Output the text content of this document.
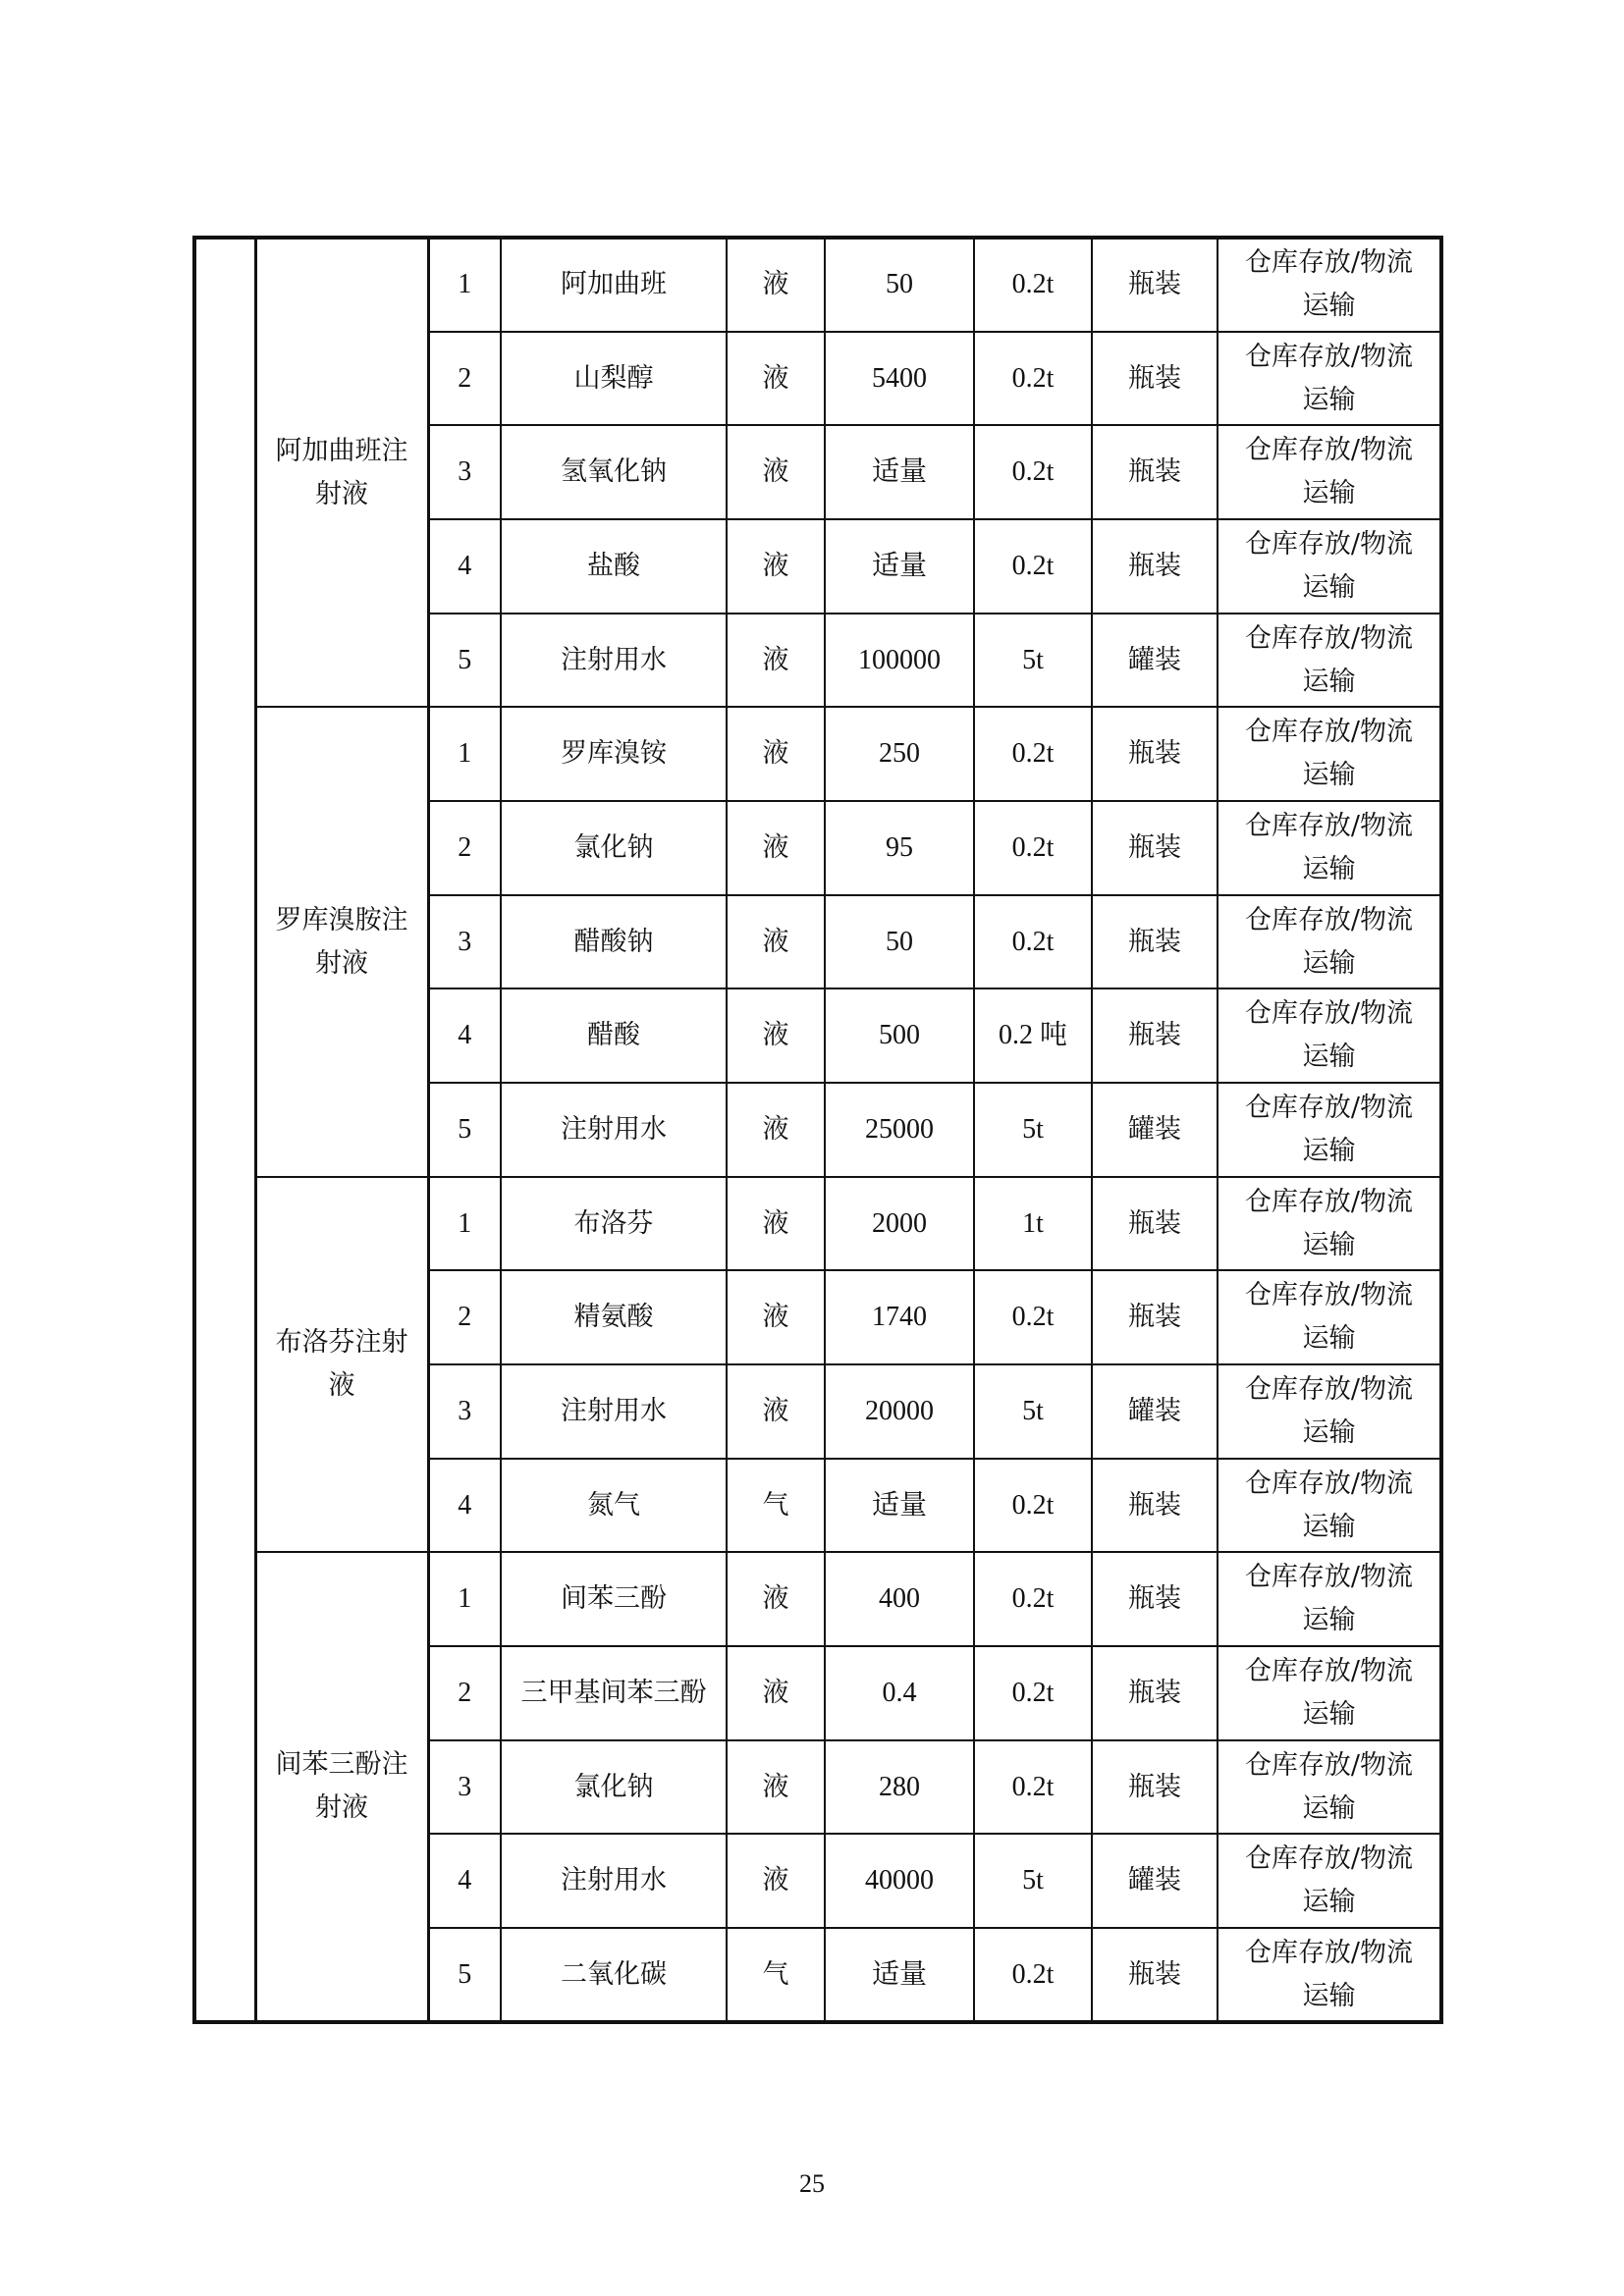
	阿加曲班注射液	1	阿加曲班	液	50	0.2t	瓶装	仓库存放/物流运输
		2	山梨醇	液	5400	0.2t	瓶装	仓库存放/物流运输
		3	氢氧化钠	液	适量	0.2t	瓶装	仓库存放/物流运输
		4	盐酸	液	适量	0.2t	瓶装	仓库存放/物流运输
		5	注射用水	液	100000	5t	罐装	仓库存放/物流运输
	罗库溴胺注射液	1	罗库溴铵	液	250	0.2t	瓶装	仓库存放/物流运输
		2	氯化钠	液	95	0.2t	瓶装	仓库存放/物流运输
		3	醋酸钠	液	50	0.2t	瓶装	仓库存放/物流运输
		4	醋酸	液	500	0.2 吨	瓶装	仓库存放/物流运输
		5	注射用水	液	25000	5t	罐装	仓库存放/物流运输
	布洛芬注射液	1	布洛芬	液	2000	1t	瓶装	仓库存放/物流运输
		2	精氨酸	液	1740	0.2t	瓶装	仓库存放/物流运输
		3	注射用水	液	20000	5t	罐装	仓库存放/物流运输
		4	氮气	气	适量	0.2t	瓶装	仓库存放/物流运输
	间苯三酚注射液	1	间苯三酚	液	400	0.2t	瓶装	仓库存放/物流运输
		2	三甲基间苯三酚	液	0.4	0.2t	瓶装	仓库存放/物流运输
		3	氯化钠	液	280	0.2t	瓶装	仓库存放/物流运输
		4	注射用水	液	40000	5t	罐装	仓库存放/物流运输
		5	二氧化碳	气	适量	0.2t	瓶装	仓库存放/物流运输
25
